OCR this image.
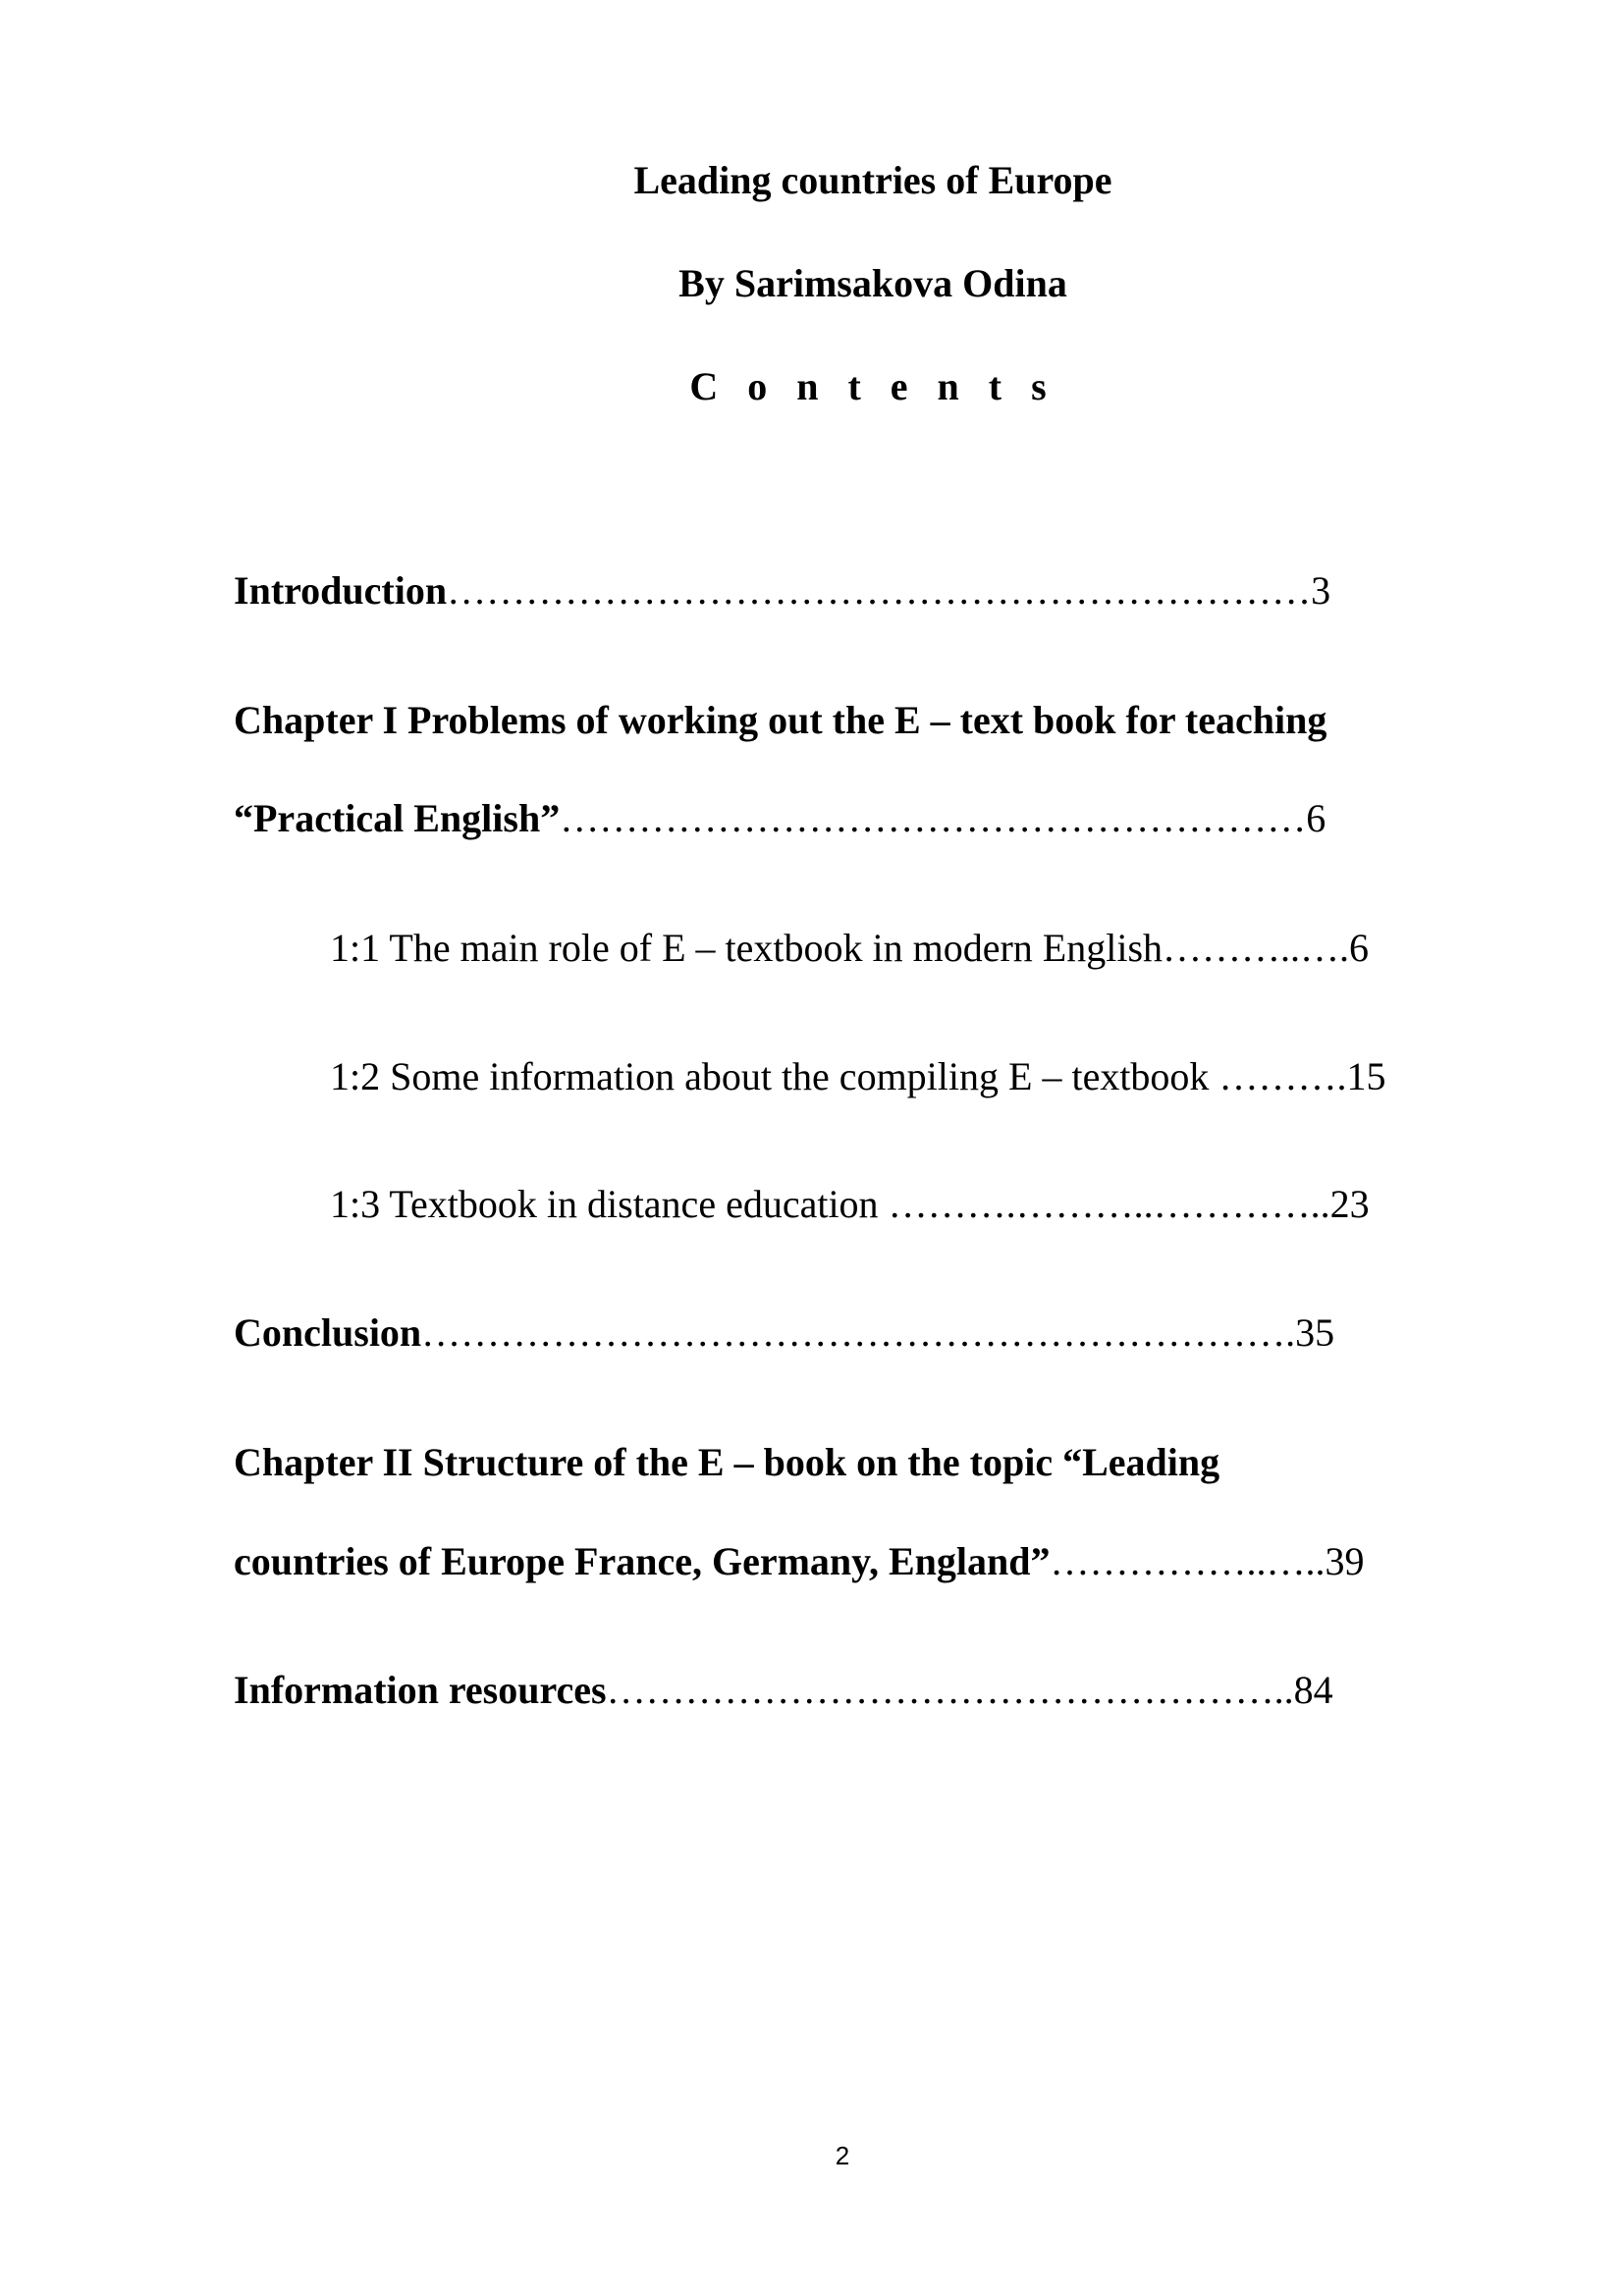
Leading countries of Europe
By Sarimsakova Odina
C o n t e n t s
Introduction…………………………………………………………3
Chapter I Problems of working out the E – text book for teaching
“Practical English”…………………………………………………6
1:1 The main role of E – textbook in modern English………..….6
1:2 Some information about the compiling E – textbook ……….15
1:3 Textbook in distance education ……….………..…………..23
Conclusion………………………………………………………….35
Chapter II Structure of the E – book on the topic “Leading
countries of Europe France, Germany, England”……………..…..39
Information resources……………………………………………..84
2
